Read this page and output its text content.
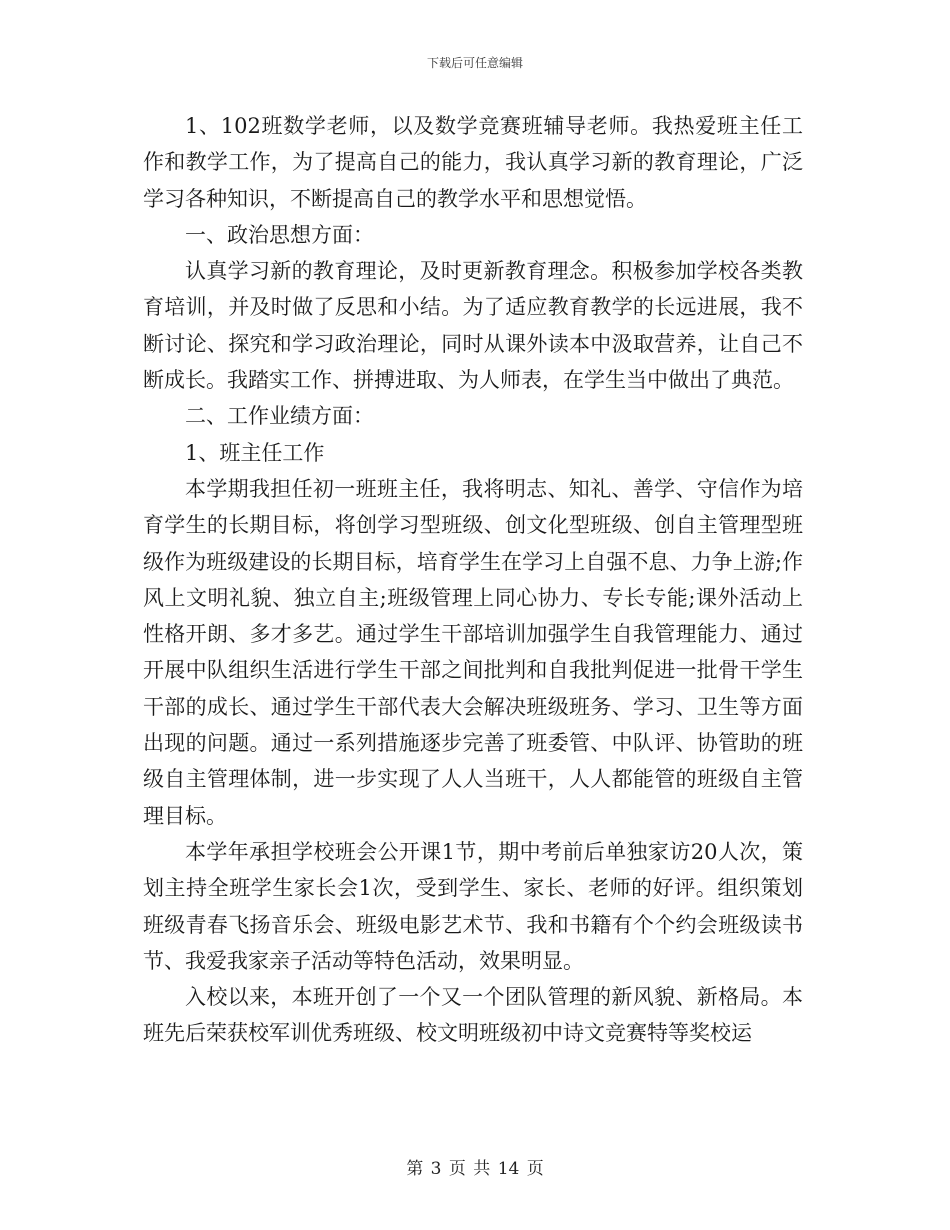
下载后可任意编辑

1、102班数学老师，以及数学竞赛班辅导老师。我热爱班主任工作和教学工作，为了提高自己的能力，我认真学习新的教育理论，广泛学习各种知识，不断提高自己的教学水平和思想觉悟。

一、政治思想方面：

认真学习新的教育理论，及时更新教育理念。积极参加学校各类教育培训，并及时做了反思和小结。为了适应教育教学的长远进展，我不断讨论、探究和学习政治理论，同时从课外读本中汲取营养，让自己不断成长。我踏实工作、拼搏进取、为人师表，在学生当中做出了典范。

二、工作业绩方面：

1、班主任工作

本学期我担任初一班班主任，我将明志、知礼、善学、守信作为培育学生的长期目标，将创学习型班级、创文化型班级、创自主管理型班级作为班级建设的长期目标，培育学生在学习上自强不息、力争上游;作风上文明礼貌、独立自主;班级管理上同心协力、专长专能;课外活动上性格开朗、多才多艺。通过学生干部培训加强学生自我管理能力、通过开展中队组织生活进行学生干部之间批判和自我批判促进一批骨干学生干部的成长、通过学生干部代表大会解决班级班务、学习、卫生等方面出现的问题。通过一系列措施逐步完善了班委管、中队评、协管助的班级自主管理体制，进一步实现了人人当班干，人人都能管的班级自主管理目标。

本学年承担学校班会公开课1节，期中考前后单独家访20人次，策划主持全班学生家长会1次，受到学生、家长、老师的好评。组织策划班级青春飞扬音乐会、班级电影艺术节、我和书籍有个个约会班级读书节、我爱我家亲子活动等特色活动，效果明显。

入校以来，本班开创了一个又一个团队管理的新风貌、新格局。本班先后荣获校军训优秀班级、校文明班级初中诗文竞赛特等奖校运

第 3 页 共 14 页
